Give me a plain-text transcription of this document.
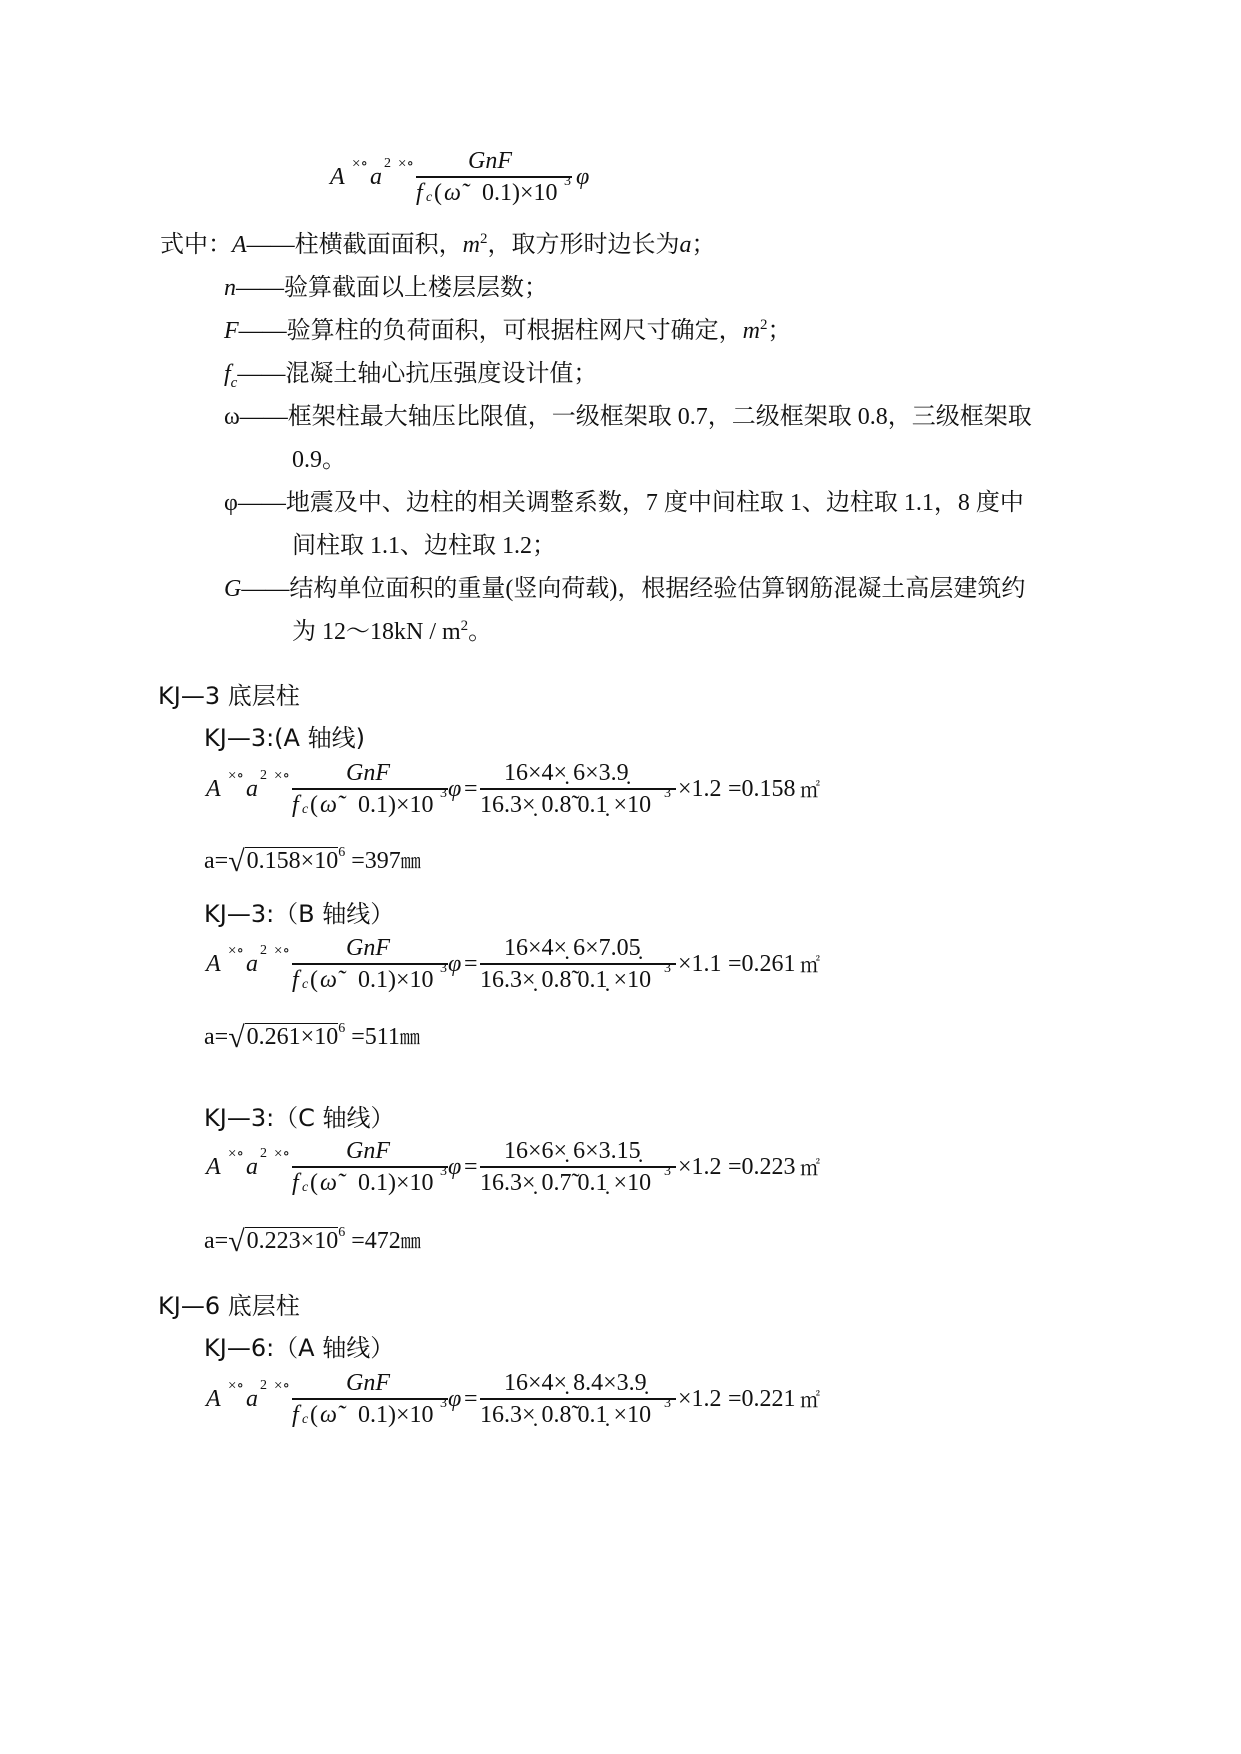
A ×∘ a
2 ×∘ GnF
f c ( ω̃ 0.1)×10 3 φ
式中：A——柱横截面面积，$m^2$，取方形时边长为a；
n——验算截面以上楼层层数；
F——验算柱的负荷面积，可根据柱网尺寸确定，$m^2$；
$f_c——$混凝土轴心抗压强度设计值；
ω——框架柱最大轴压比限值，一级框架取 0.7，二级框架取 0.8，三级框架取
0.9。
φ——地震及中、边柱的相关调整系数，7 度中间柱取 1、边柱取 1.1，8 度中
间柱取 1.1、边柱取 1.2；
G——结构单位面积的重量(竖向荷载)，根据经验估算钢筋混凝土高层建筑约
为 12～18kN / $m^2$。
KJ—3 底层柱
KJ—3:(A 轴线)
A ×∘ a
2 ×∘ GnF
f c ( ω̃ 0.1)×10 3 φ =
16×4×̣ 6×3.9̣
16.3×̣ 0.8̃ 0.1̣ ×10 3 ×1.2 =0.158 ㎡
$a=√0.158\times 10^6$ =397㎜
A ×∘ a
2 ×∘ GnF
f c ( ω̃ 0.1)×10 3 φ =
16×4×̣ 6×7.05̣
16.3×̣ 0.8̃ 0.1̣ ×10 3 ×1.1 =0.261 ㎡
$a=√0.261\times 10^6$ =511㎜
A ×∘ a
2 ×∘ GnF
f c ( ω̃ 0.1)×10 3 φ =
16×6×̣ 6×3.15̣
16.3×̣ 0.7̃ 0.1̣ ×10 3 ×1.2 =0.223 ㎡
$a=√0.223\times 10^6$ =472㎜
A ×∘ a
2 ×∘ GnF
f c ( ω̃ 0.1)×10 3 φ =
16×4×̣ 8.4×3.9̣
16.3×̣ 0.8̃ 0.1̣ ×10 3 ×1.2 =0.221 ㎡
KJ—6 底层柱
KJ—3:（B 轴线）
KJ—3:（C 轴线）
KJ—6:（A 轴线）
